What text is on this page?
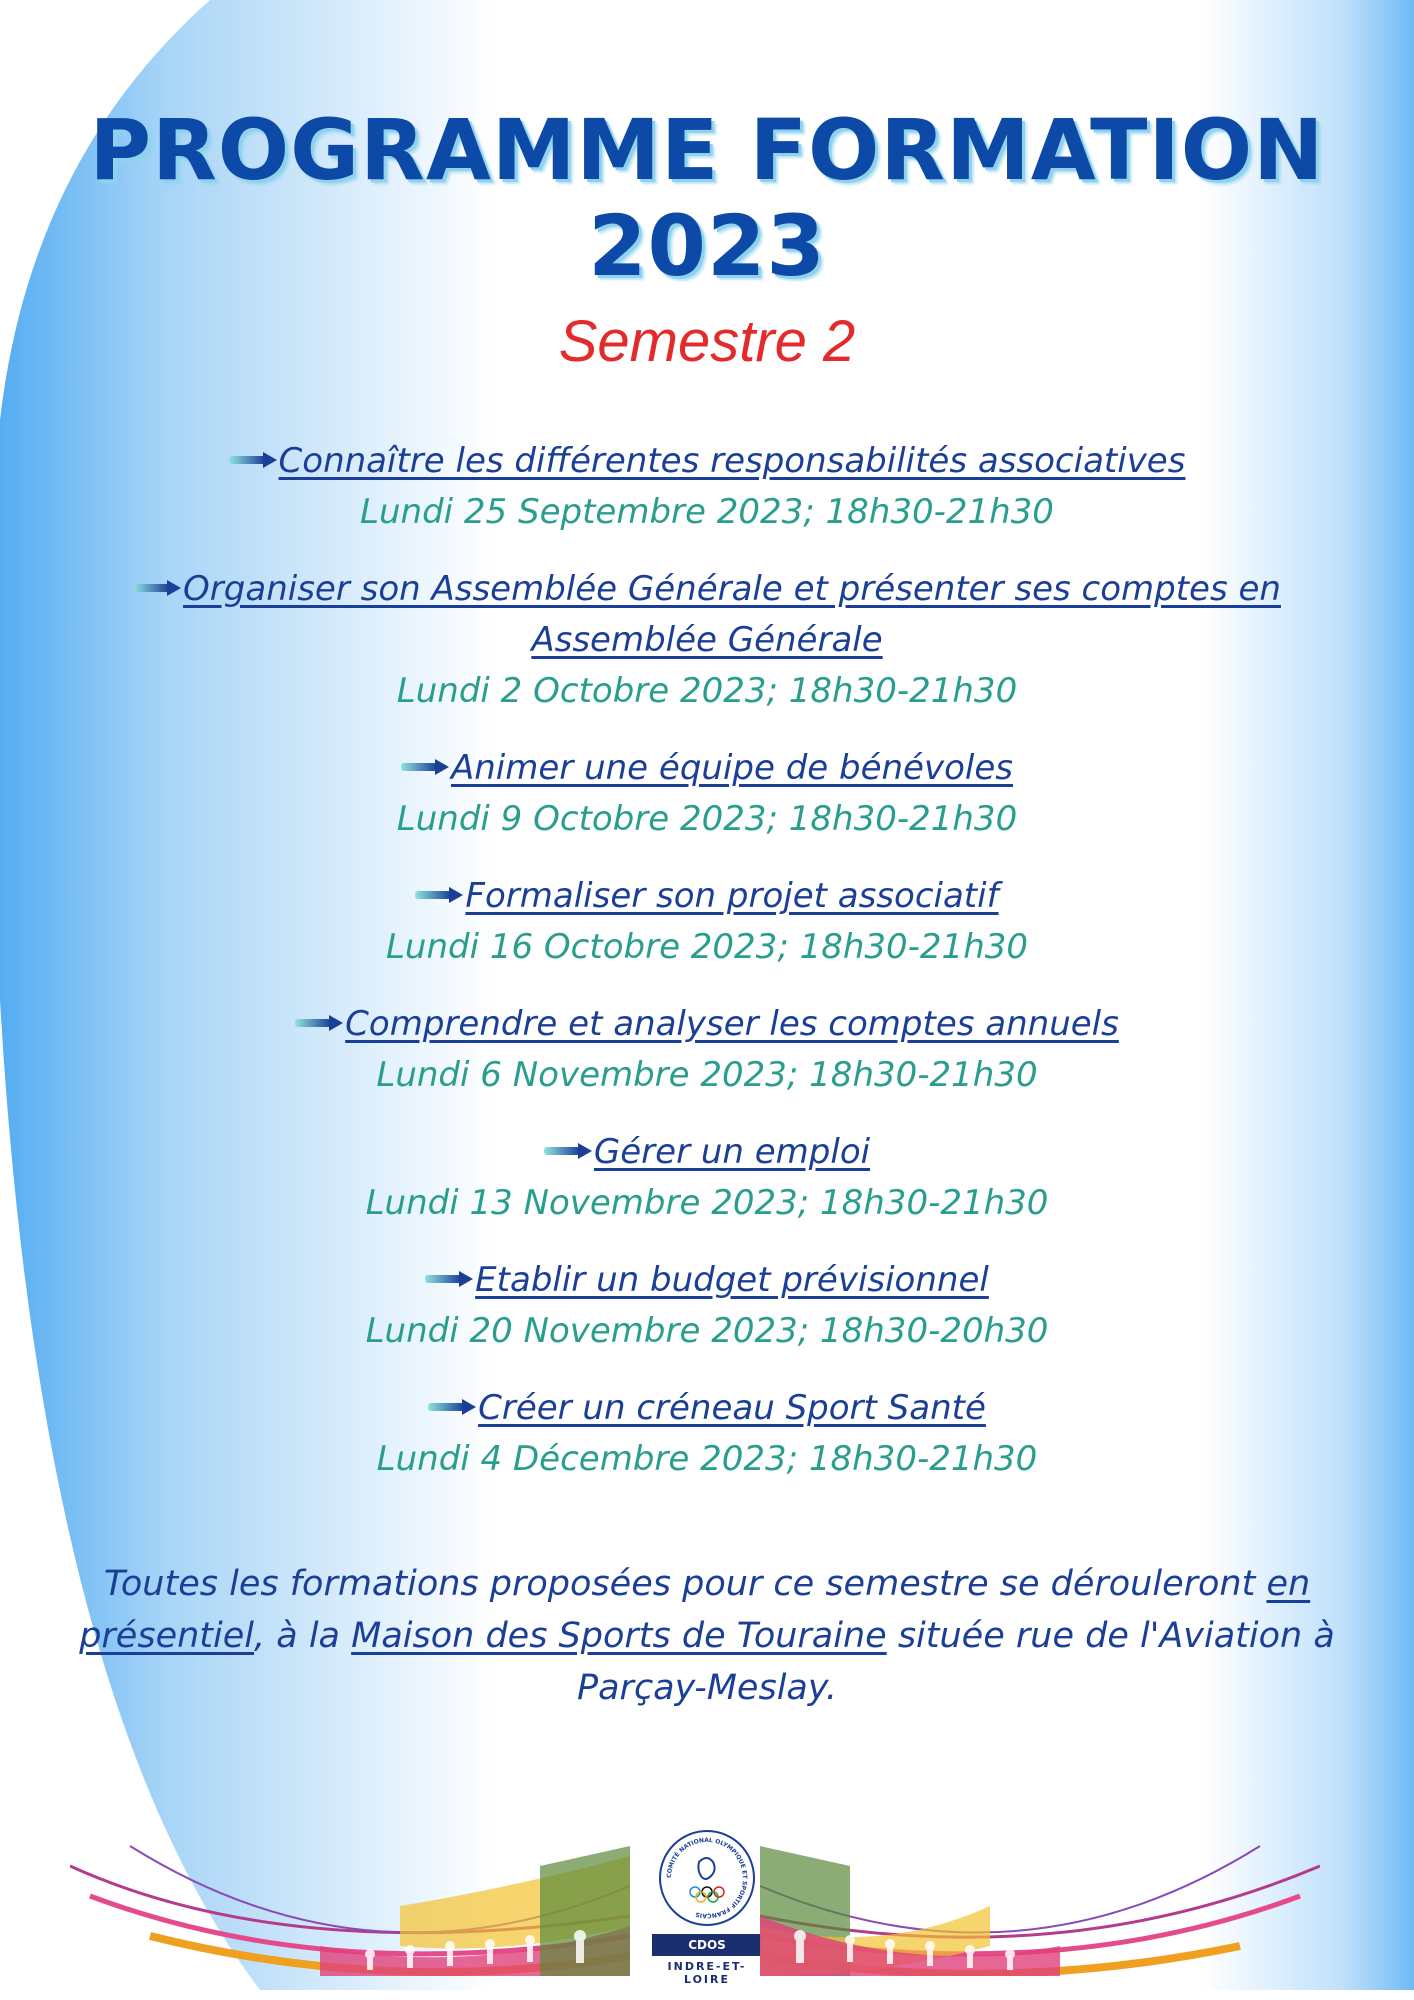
PROGRAMME FORMATION
2023
Semestre 2
Connaître les différentes responsabilités associatives
Lundi 25 Septembre 2023; 18h30-21h30
Organiser son Assemblée Générale et présenter ses comptes en Assemblée Générale
Lundi 2 Octobre 2023; 18h30-21h30
Animer une équipe de bénévoles
Lundi 9 Octobre 2023; 18h30-21h30
Formaliser son projet associatif
Lundi 16 Octobre 2023; 18h30-21h30
Comprendre et analyser les comptes annuels
Lundi 6 Novembre 2023; 18h30-21h30
Gérer un emploi
Lundi 13 Novembre 2023; 18h30-21h30
Etablir un budget prévisionnel
Lundi 20 Novembre 2023; 18h30-20h30
Créer un créneau Sport Santé
Lundi 4 Décembre 2023; 18h30-21h30
Toutes les formations proposées pour ce semestre se dérouleront en présentiel, à la Maison des Sports de Touraine située rue de l'Aviation à Parçay-Meslay.
COMITÉ NATIONAL OLYMPIQUE ET SPORTIF FRANÇAIS
CDOS
INDRE-ET-LOIRE
